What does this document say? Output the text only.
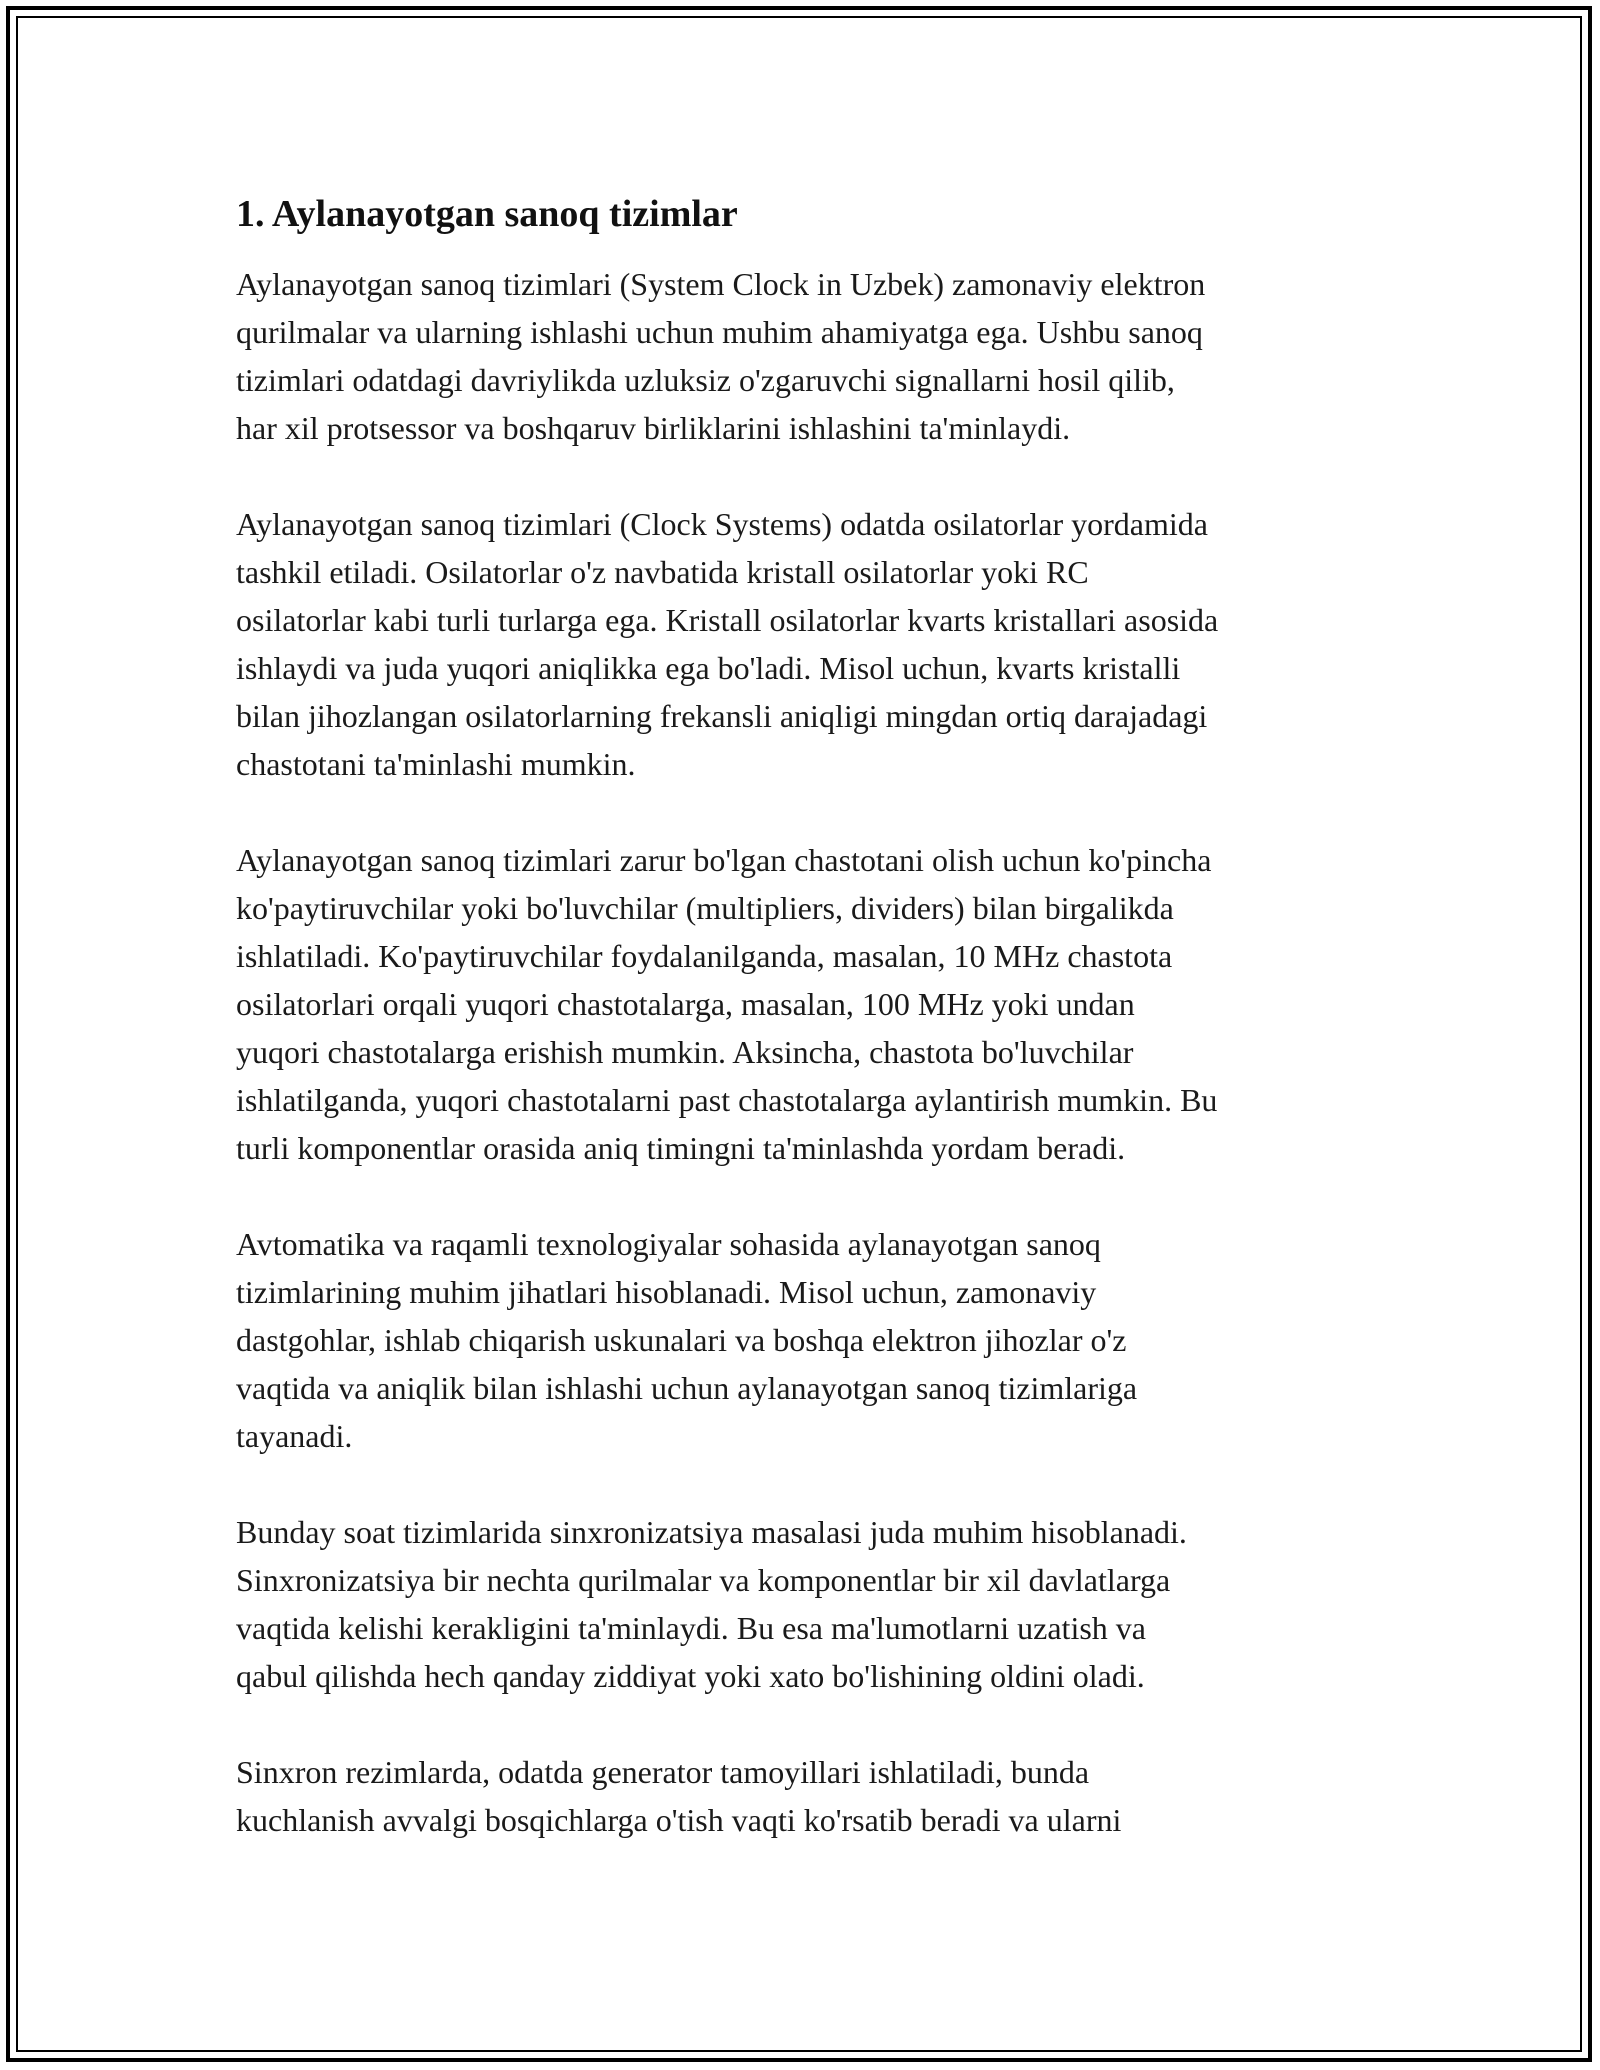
1. Aylanayotgan sanoq tizimlar

Aylanayotgan sanoq tizimlari (System Clock in Uzbek) zamonaviy elektron
qurilmalar va ularning ishlashi uchun muhim ahamiyatga ega. Ushbu sanoq
tizimlari odatdagi davriylikda uzluksiz o'zgaruvchi signallarni hosil qilib,
har xil protsessor va boshqaruv birliklarini ishlashini ta'minlaydi.

Aylanayotgan sanoq tizimlari (Clock Systems) odatda osilatorlar yordamida
tashkil etiladi. Osilatorlar o'z navbatida kristall osilatorlar yoki RC
osilatorlar kabi turli turlarga ega. Kristall osilatorlar kvarts kristallari asosida
ishlaydi va juda yuqori aniqlikka ega bo'ladi. Misol uchun, kvarts kristalli
bilan jihozlangan osilatorlarning frekansli aniqligi mingdan ortiq darajadagi
chastotani ta'minlashi mumkin.

Aylanayotgan sanoq tizimlari zarur bo'lgan chastotani olish uchun ko'pincha
ko'paytiruvchilar yoki bo'luvchilar (multipliers, dividers) bilan birgalikda
ishlatiladi. Ko'paytiruvchilar foydalanilganda, masalan, 10 MHz chastota
osilatorlari orqali yuqori chastotalarga, masalan, 100 MHz yoki undan
yuqori chastotalarga erishish mumkin. Aksincha, chastota bo'luvchilar
ishlatilganda, yuqori chastotalarni past chastotalarga aylantirish mumkin. Bu
turli komponentlar orasida aniq timingni ta'minlashda yordam beradi.

Avtomatika va raqamli texnologiyalar sohasida aylanayotgan sanoq
tizimlarining muhim jihatlari hisoblanadi. Misol uchun, zamonaviy
dastgohlar, ishlab chiqarish uskunalari va boshqa elektron jihozlar o'z
vaqtida va aniqlik bilan ishlashi uchun aylanayotgan sanoq tizimlariga
tayanadi.

Bunday soat tizimlarida sinxronizatsiya masalasi juda muhim hisoblanadi.
Sinxronizatsiya bir nechta qurilmalar va komponentlar bir xil davlatlarga
vaqtida kelishi kerakligini ta'minlaydi. Bu esa ma'lumotlarni uzatish va
qabul qilishda hech qanday ziddiyat yoki xato bo'lishining oldini oladi.

Sinxron rezimlarda, odatda generator tamoyillari ishlatiladi, bunda
kuchlanish avvalgi bosqichlarga o'tish vaqti ko'rsatib beradi va ularni
